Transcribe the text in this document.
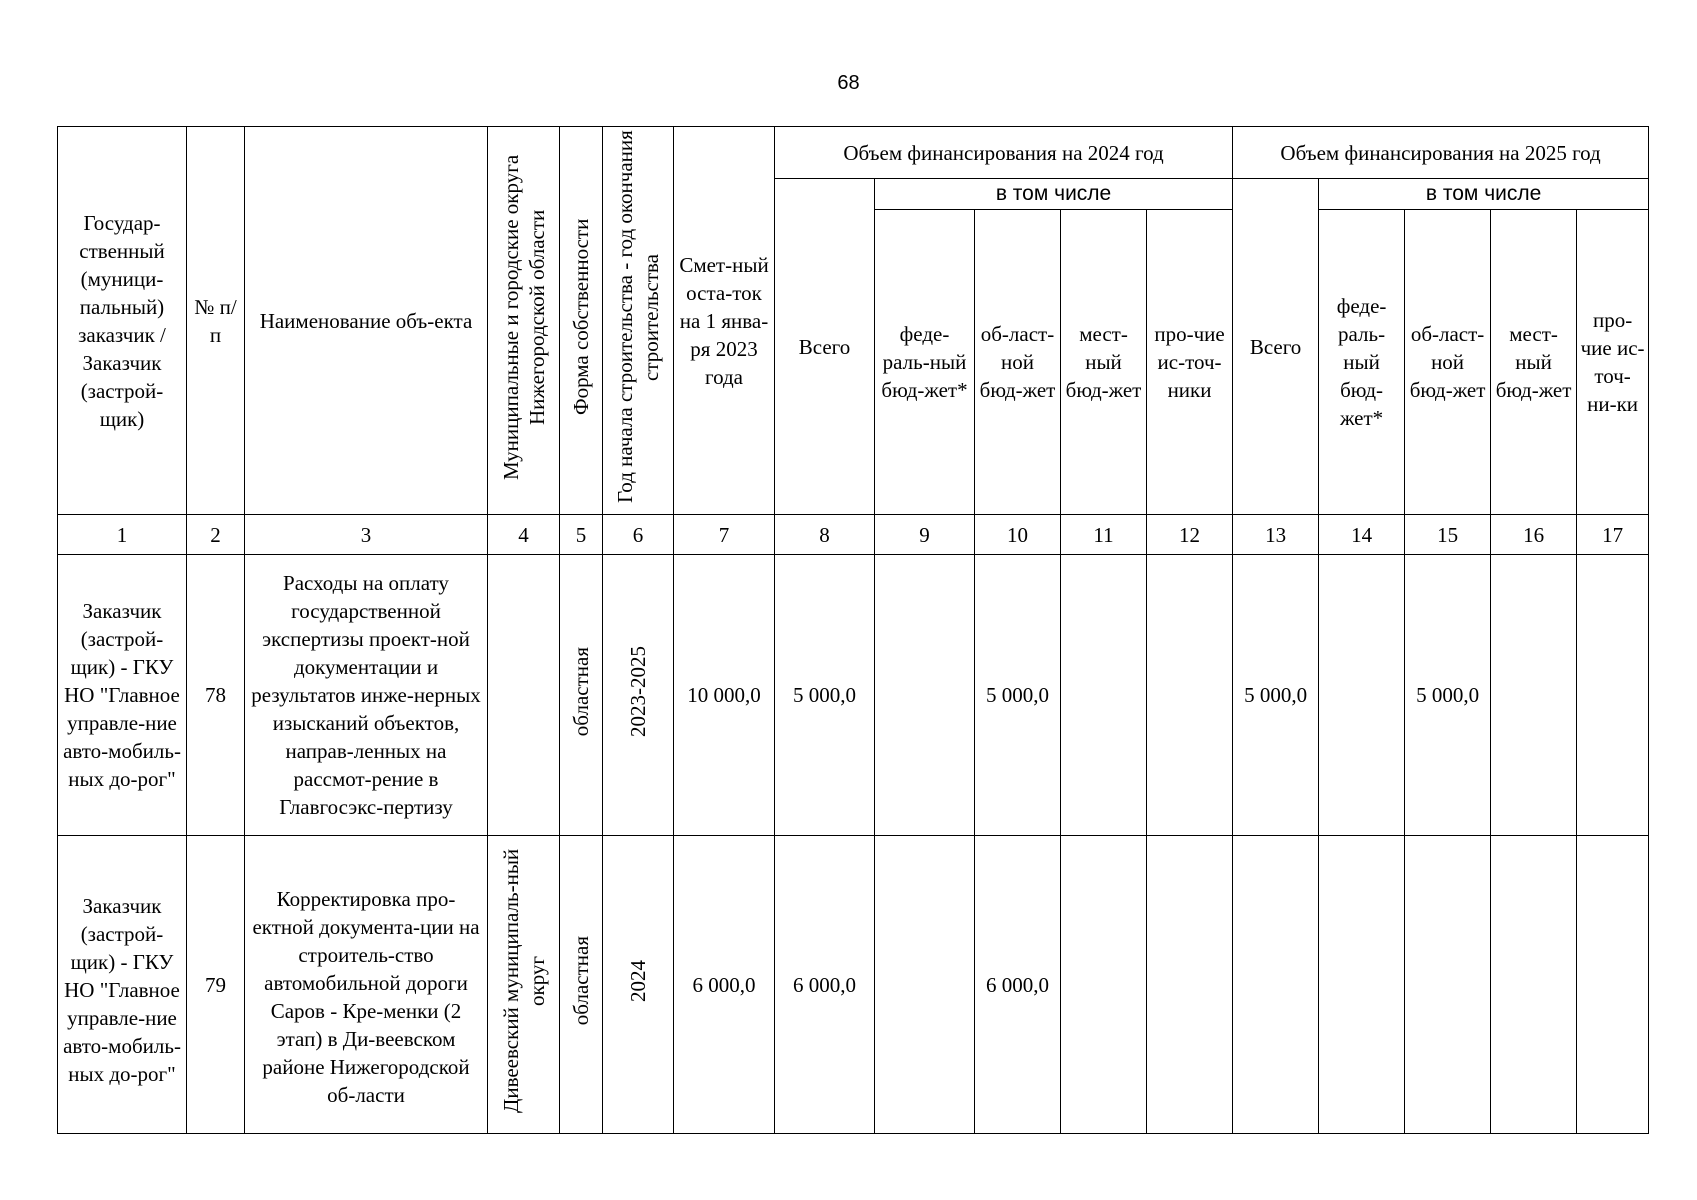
68
Государ-ственный (муници-пальный) заказчик / Заказчик (застрой-щик)	№ п/п	Наименование объ-екта	Муниципальные и городские округа Нижегородской области	Форма собственности	Год начала строительства - год окончания строительства	Смет-ный оста-ток на 1 янва-ря 2023 года	Объем финансирования на 2024 год					Объем финансирования на 2025 год				
							Всего	в том числе				Всего	в том числе			
								феде-раль-ный бюд-жет*	об-ласт-ной бюд-жет	мест-ный бюд-жет	про-чие ис-точ-ники		феде-раль-ный бюд-жет*	об-ласт-ной бюд-жет	мест-ный бюд-жет	про-чие ис-точ-ни-ки
1	2	3	4	5	6	7	8	9	10	11	12	13	14	15	16	17
Заказчик (застрой-щик) - ГКУ НО "Главное управле-ние авто-мобиль-ных до-рог"	78	Расходы на оплату государственной экспертизы проект-ной документации и результатов инже-нерных изысканий объектов, направ-ленных на рассмот-рение в Главгосэкс-пертизу		областная	2023-2025	10 000,0	5 000,0		5 000,0			5 000,0		5 000,0		
Заказчик (застрой-щик) - ГКУ НО "Главное управле-ние авто-мобиль-ных до-рог"	79	Корректировка про-ектной документа-ции на строитель-ство автомобильной дороги Саров - Кре-менки (2 этап) в Ди-веевском районе Нижегородской об-ласти	Дивеевский муниципаль-ный округ	областная	2024	6 000,0	6 000,0		6 000,0							
